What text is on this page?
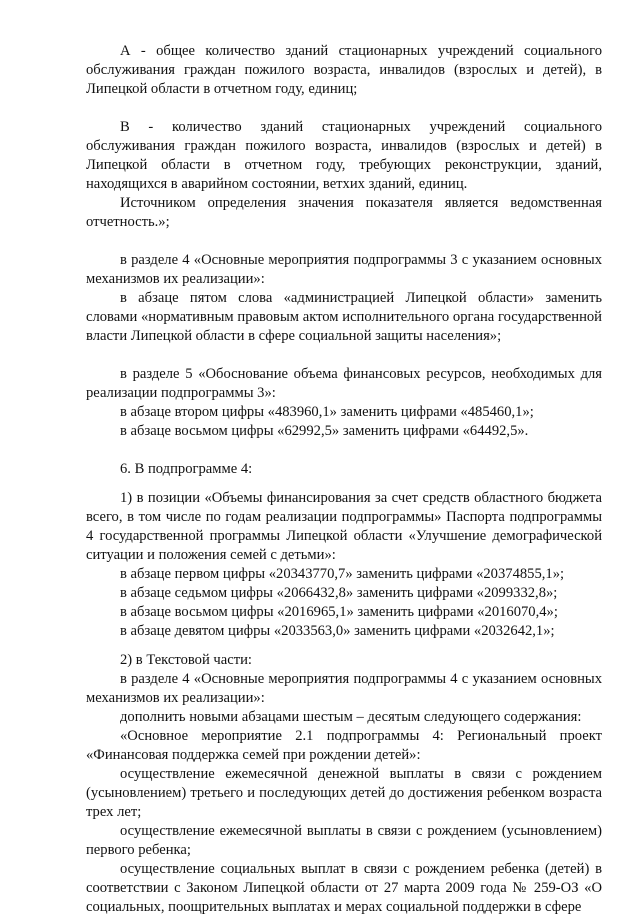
А - общее количество зданий стационарных учреждений социального обслуживания граждан пожилого возраста, инвалидов (взрослых и детей), в Липецкой области в отчетном году, единиц;

В - количество зданий стационарных учреждений социального обслуживания граждан пожилого возраста, инвалидов (взрослых и детей) в Липецкой области в отчетном году, требующих реконструкции, зданий, находящихся в аварийном состоянии, ветхих зданий, единиц.

Источником определения значения показателя является ведомственная отчетность.»;

в разделе 4 «Основные мероприятия подпрограммы 3 с указанием основных механизмов их реализации»:

в абзаце пятом слова «администрацией Липецкой области» заменить словами «нормативным правовым актом исполнительного органа государственной власти Липецкой области в сфере социальной защиты населения»;

в разделе 5 «Обоснование объема финансовых ресурсов, необходимых для реализации подпрограммы 3»:

в абзаце втором цифры «483960,1» заменить цифрами «485460,1»;

в абзаце восьмом цифры «62992,5» заменить цифрами «64492,5».

6. В подпрограмме 4:

1) в позиции «Объемы финансирования за счет средств областного бюджета всего, в том числе по годам реализации подпрограммы» Паспорта подпрограммы 4 государственной программы Липецкой области «Улучшение демографической ситуации и положения семей с детьми»:

в абзаце первом цифры «20343770,7» заменить цифрами «20374855,1»;

в абзаце седьмом цифры «2066432,8» заменить цифрами «2099332,8»;

в абзаце восьмом цифры «2016965,1» заменить цифрами «2016070,4»;

в абзаце девятом цифры «2033563,0» заменить цифрами «2032642,1»;

2) в Текстовой части:

в разделе 4 «Основные мероприятия подпрограммы 4 с указанием основных механизмов их реализации»:

дополнить новыми абзацами шестым – десятым следующего содержания:

«Основное мероприятие 2.1 подпрограммы 4: Региональный проект «Финансовая поддержка семей при рождении детей»:

осуществление ежемесячной денежной выплаты в связи с рождением (усыновлением) третьего и последующих детей до достижения ребенком возраста трех лет;

осуществление ежемесячной выплаты в связи с рождением (усыновлением) первого ребенка;

осуществление социальных выплат в связи с рождением ребенка (детей) в соответствии с Законом Липецкой области от 27 марта 2009 года № 259-ОЗ «О социальных, поощрительных выплатах и мерах социальной поддержки в сфере
